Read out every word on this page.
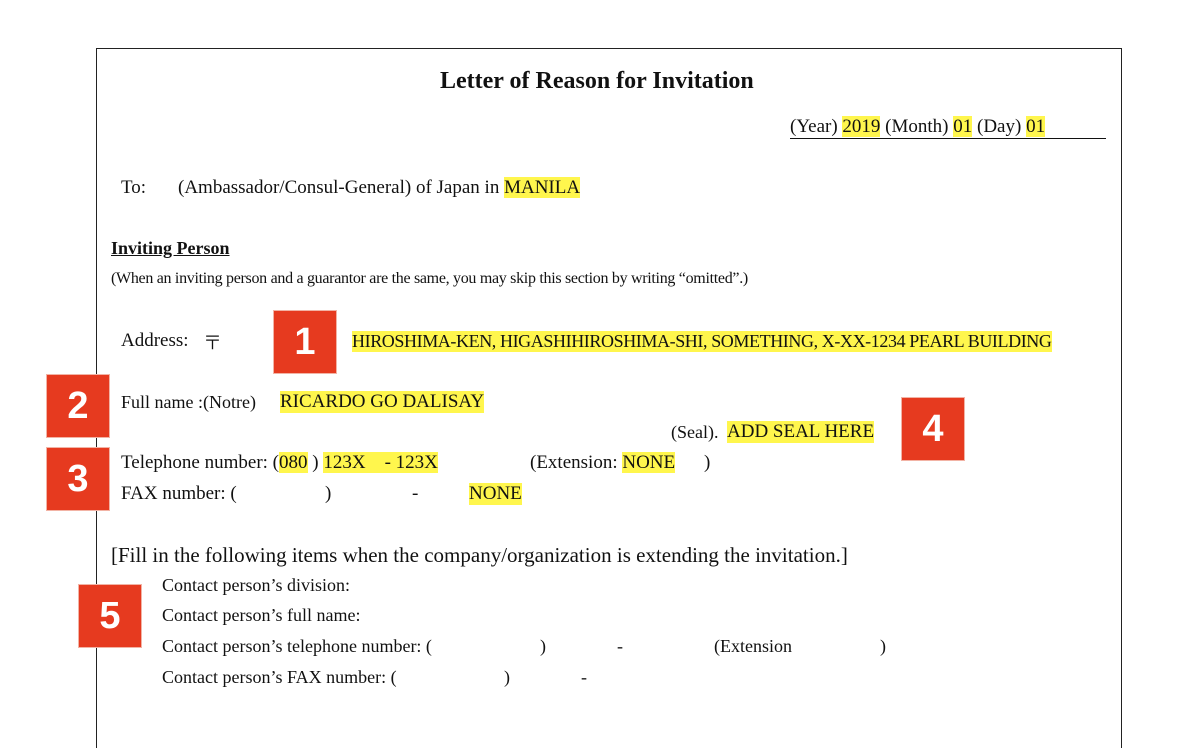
Letter of Reason for Invitation
(Year) 2019 (Month) 01 (Day) 01
To: (Ambassador/Consul-General) of Japan in MANILA
Inviting Person
(When an inviting person and a guarantor are the same, you may skip this section by writing “omitted”.)
Address: 〒	HIROSHIMA-KEN, HIGASHIHIROSHIMA-SHI, SOMETHING, X-XX-1234 PEARL BUILDING
Full name :(Notre) RICARDO GO DALISAY
(Seal). ADD SEAL HERE
Telephone number: (080 ) 123X    - 123X	(Extension: NONE )
FAX number: (	)	-	NONE
[Fill in the following items when the company/organization is extending the invitation.]
Contact person’s division:
Contact person’s full name:
Contact person’s telephone number: (	)	-	(Extension	)
Contact person’s FAX number: (	)	-
1
2
3
4
5
